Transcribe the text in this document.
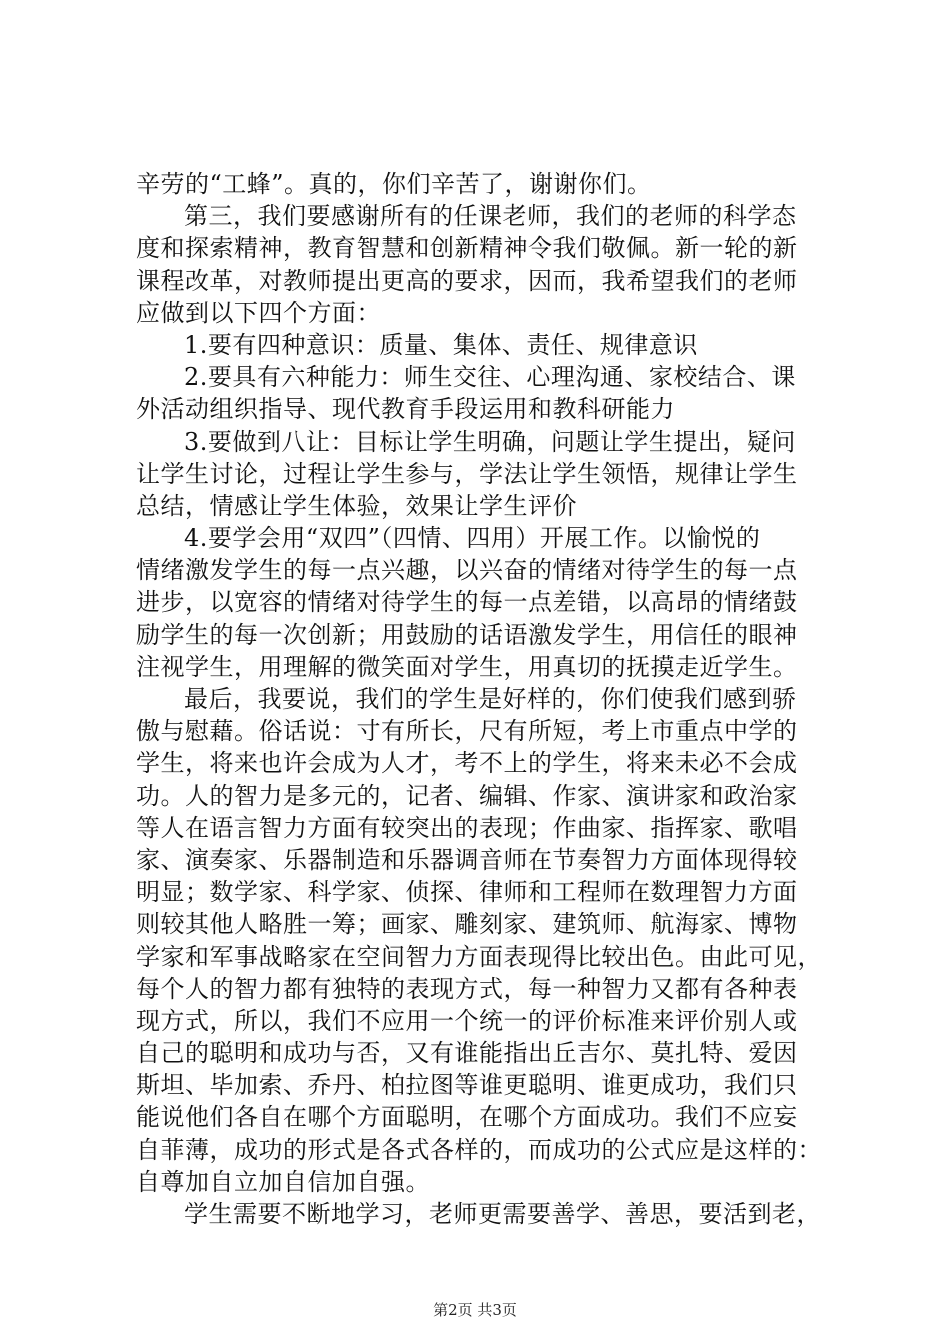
辛劳的“工蜂”。真的，你们辛苦了，谢谢你们。
第三，我们要感谢所有的任课老师，我们的老师的科学态
度和探索精神，教育智慧和创新精神令我们敬佩。新一轮的新
课程改革，对教师提出更高的要求，因而，我希望我们的老师
应做到以下四个方面：
1.要有四种意识：质量、集体、责任、规律意识
2.要具有六种能力：师生交往、心理沟通、家校结合、课
外活动组织指导、现代教育手段运用和教科研能力
3.要做到八让：目标让学生明确，问题让学生提出，疑问
让学生讨论，过程让学生参与，学法让学生领悟，规律让学生
总结，情感让学生体验，效果让学生评价
4.要学会用“双四”（四情、四用）开展工作。以愉悦的
情绪激发学生的每一点兴趣，以兴奋的情绪对待学生的每一点
进步，以宽容的情绪对待学生的每一点差错，以高昂的情绪鼓
励学生的每一次创新；用鼓励的话语激发学生，用信任的眼神
注视学生，用理解的微笑面对学生，用真切的抚摸走近学生。
最后，我要说，我们的学生是好样的，你们使我们感到骄
傲与慰藉。俗话说：寸有所长，尺有所短，考上市重点中学的
学生，将来也许会成为人才，考不上的学生，将来未必不会成
功。人的智力是多元的，记者、编辑、作家、演讲家和政治家
等人在语言智力方面有较突出的表现；作曲家、指挥家、歌唱
家、演奏家、乐器制造和乐器调音师在节奏智力方面体现得较
明显；数学家、科学家、侦探、律师和工程师在数理智力方面
则较其他人略胜一筹；画家、雕刻家、建筑师、航海家、博物
学家和军事战略家在空间智力方面表现得比较出色。由此可见，
每个人的智力都有独特的表现方式，每一种智力又都有各种表
现方式，所以，我们不应用一个统一的评价标准来评价别人或
自己的聪明和成功与否，又有谁能指出丘吉尔、莫扎特、爱因
斯坦、毕加索、乔丹、柏拉图等谁更聪明、谁更成功，我们只
能说他们各自在哪个方面聪明，在哪个方面成功。我们不应妄
自菲薄，成功的形式是各式各样的，而成功的公式应是这样的：
自尊加自立加自信加自强。
学生需要不断地学习，老师更需要善学、善思，要活到老，
第2页 共3页
